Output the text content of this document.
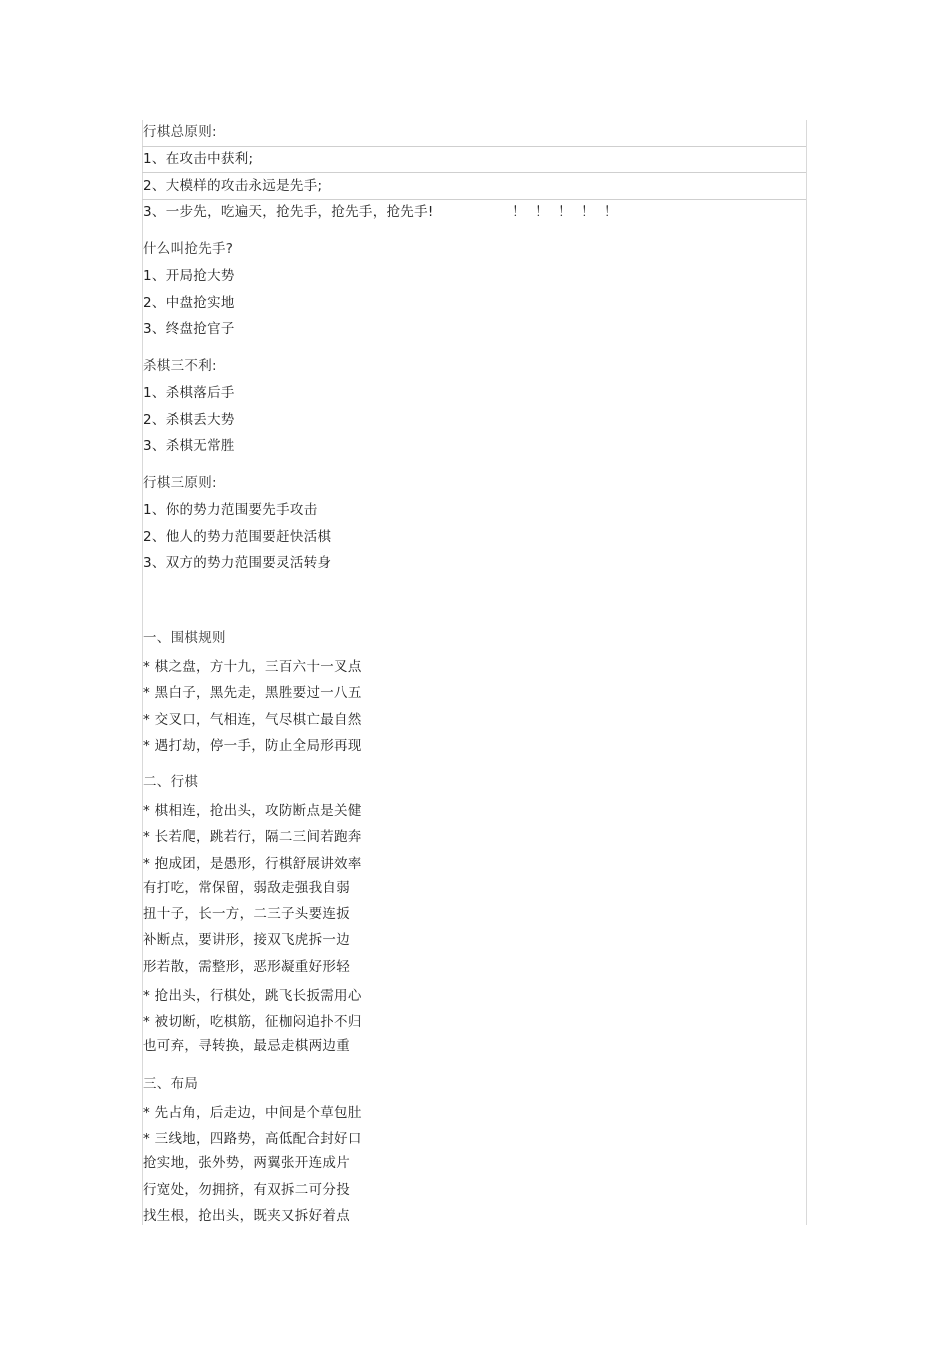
行棋总原则:
1、在攻击中获利;
2、大模样的攻击永远是先手;
3、一步先，吃遍天，抢先手，抢先手，抢先手!	！  ！  ！  ！  ！
什么叫抢先手?
1、开局抢大势
2、中盘抢实地
3、终盘抢官子
杀棋三不利:
1、杀棋落后手
2、杀棋丢大势
3、杀棋无常胜
行棋三原则:
1、你的势力范围要先手攻击
2、他人的势力范围要赶快活棋
3、双方的势力范围要灵活转身
一、围棋规则
* 棋之盘，方十九，三百六十一叉点
* 黑白子，黑先走，黑胜要过一八五
* 交叉口，气相连，气尽棋亡最自然
* 遇打劫，停一手，防止全局形再现
二、行棋
* 棋相连，抢出头，攻防断点是关健
* 长若爬，跳若行，隔二三间若跑奔
* 抱成团，是愚形，行棋舒展讲效率
有打吃，常保留，弱敌走强我自弱
扭十子，长一方，二三子头要连扳
补断点，要讲形，接双飞虎拆一边
形若散，需整形，恶形凝重好形轻
* 抢出头，行棋处，跳飞长扳需用心
* 被切断，吃棋筋，征枷闷追扑不归
也可弃，寻转换，最忌走棋两边重
三、布局
* 先占角，后走边，中间是个草包肚
* 三线地，四路势，高低配合封好口
抢实地，张外势，两翼张开连成片
行宽处，勿拥挤，有双拆二可分投
找生根，抢出头，既夹又拆好着点
